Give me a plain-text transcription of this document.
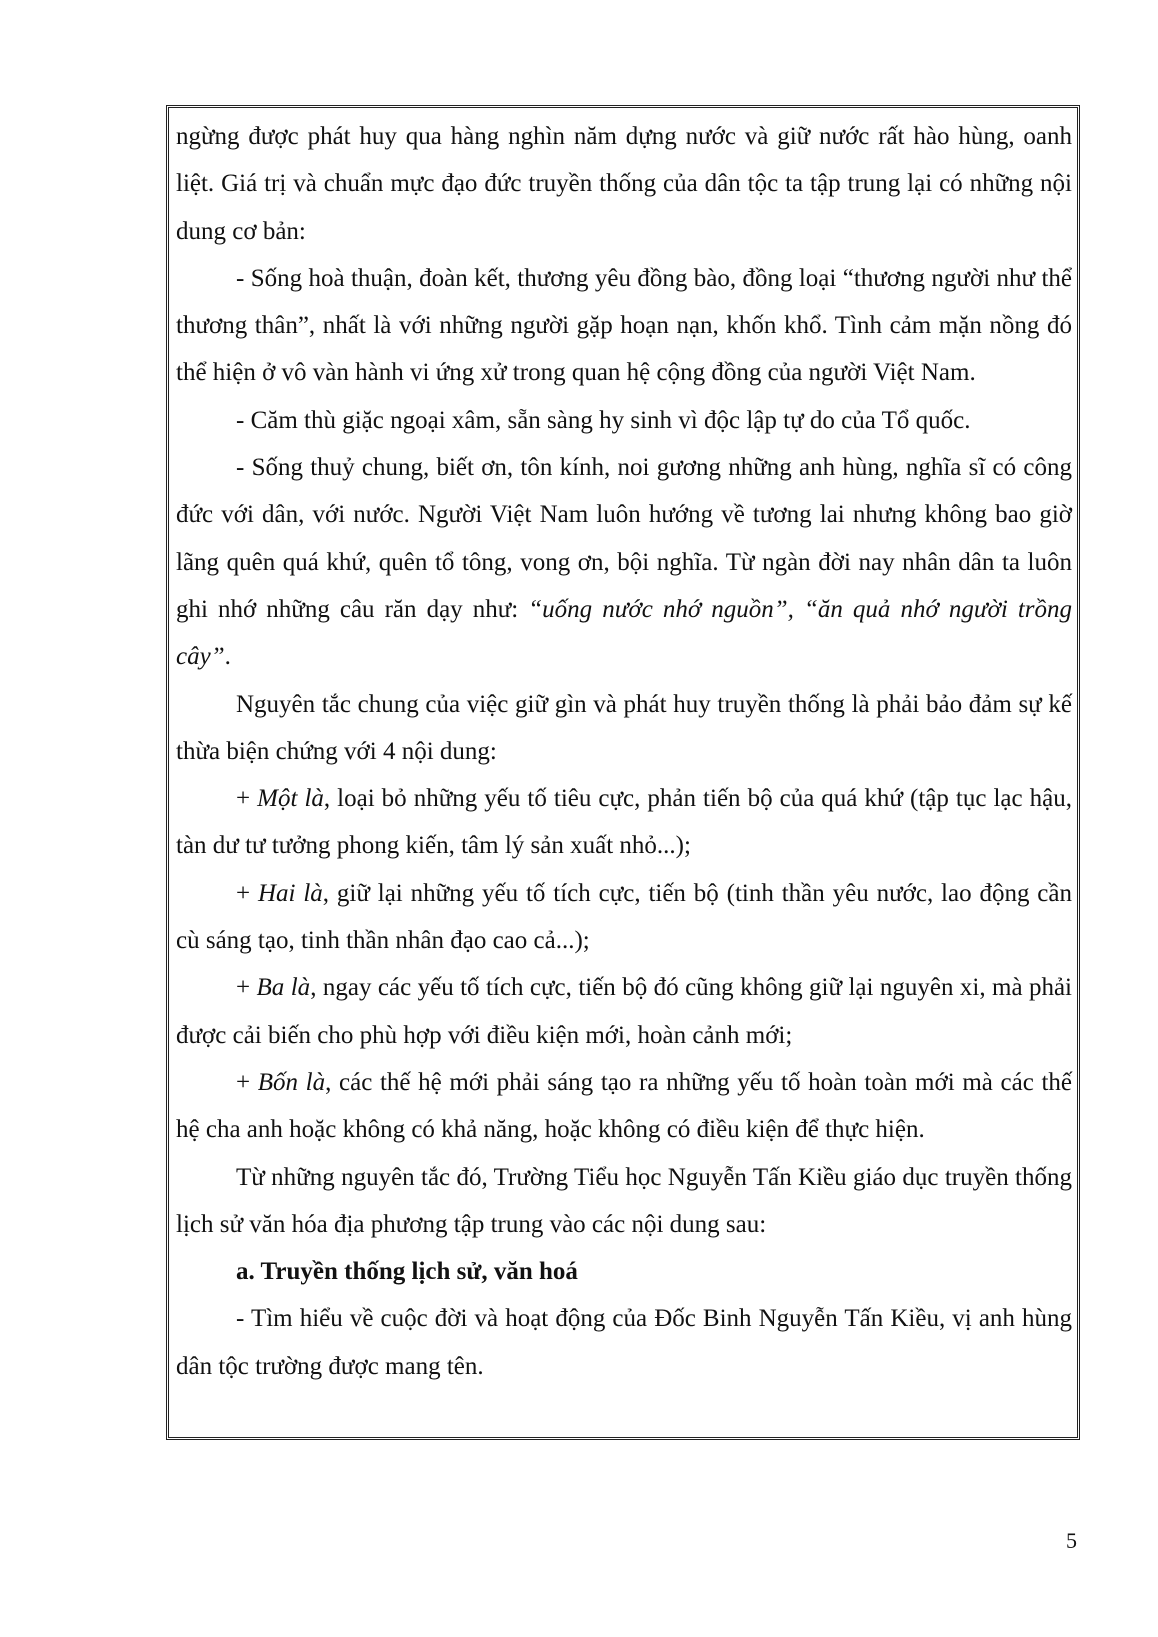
ngừng được phát huy qua hàng nghìn năm dựng nước và giữ nước rất hào hùng, oanh liệt. Giá trị và chuẩn mực đạo đức truyền thống của dân tộc ta tập trung lại có những nội dung cơ bản:

- Sống hoà thuận, đoàn kết, thương yêu đồng bào, đồng loại “thương người như thể thương thân”, nhất là với những người gặp hoạn nạn, khốn khổ. Tình cảm mặn nồng đó thể hiện ở vô vàn hành vi ứng xử trong quan hệ cộng đồng của người Việt Nam.

- Căm thù giặc ngoại xâm, sẵn sàng hy sinh vì độc lập tự do của Tổ quốc.

- Sống thuỷ chung, biết ơn, tôn kính, noi gương những anh hùng, nghĩa sĩ có công đức với dân, với nước. Người Việt Nam luôn hướng về tương lai nhưng không bao giờ lãng quên quá khứ, quên tổ tông, vong ơn, bội nghĩa. Từ ngàn đời nay nhân dân ta luôn ghi nhớ những câu răn dạy như: “uống nước nhớ nguồn”, “ăn quả nhớ người trồng cây”.

Nguyên tắc chung của việc giữ gìn và phát huy truyền thống là phải bảo đảm sự kế thừa biện chứng với 4 nội dung:

+ Một là, loại bỏ những yếu tố tiêu cực, phản tiến bộ của quá khứ (tập tục lạc hậu, tàn dư tư tưởng phong kiến, tâm lý sản xuất nhỏ...);

+ Hai là, giữ lại những yếu tố tích cực, tiến bộ (tinh thần yêu nước, lao động cần cù sáng tạo, tinh thần nhân đạo cao cả...);

+ Ba là, ngay các yếu tố tích cực, tiến bộ đó cũng không giữ lại nguyên xi, mà phải được cải biến cho phù hợp với điều kiện mới, hoàn cảnh mới;

+ Bốn là, các thế hệ mới phải sáng tạo ra những yếu tố hoàn toàn mới mà các thế hệ cha anh hoặc không có khả năng, hoặc không có điều kiện để thực hiện.

Từ những nguyên tắc đó, Trường Tiểu học Nguyễn Tấn Kiều giáo dục truyền thống lịch sử văn hóa địa phương tập trung vào các nội dung sau:

a. Truyền thống lịch sử, văn hoá

- Tìm hiểu về cuộc đời và hoạt động của Đốc Binh Nguyễn Tấn Kiều, vị anh hùng dân tộc trường được mang tên.

5
